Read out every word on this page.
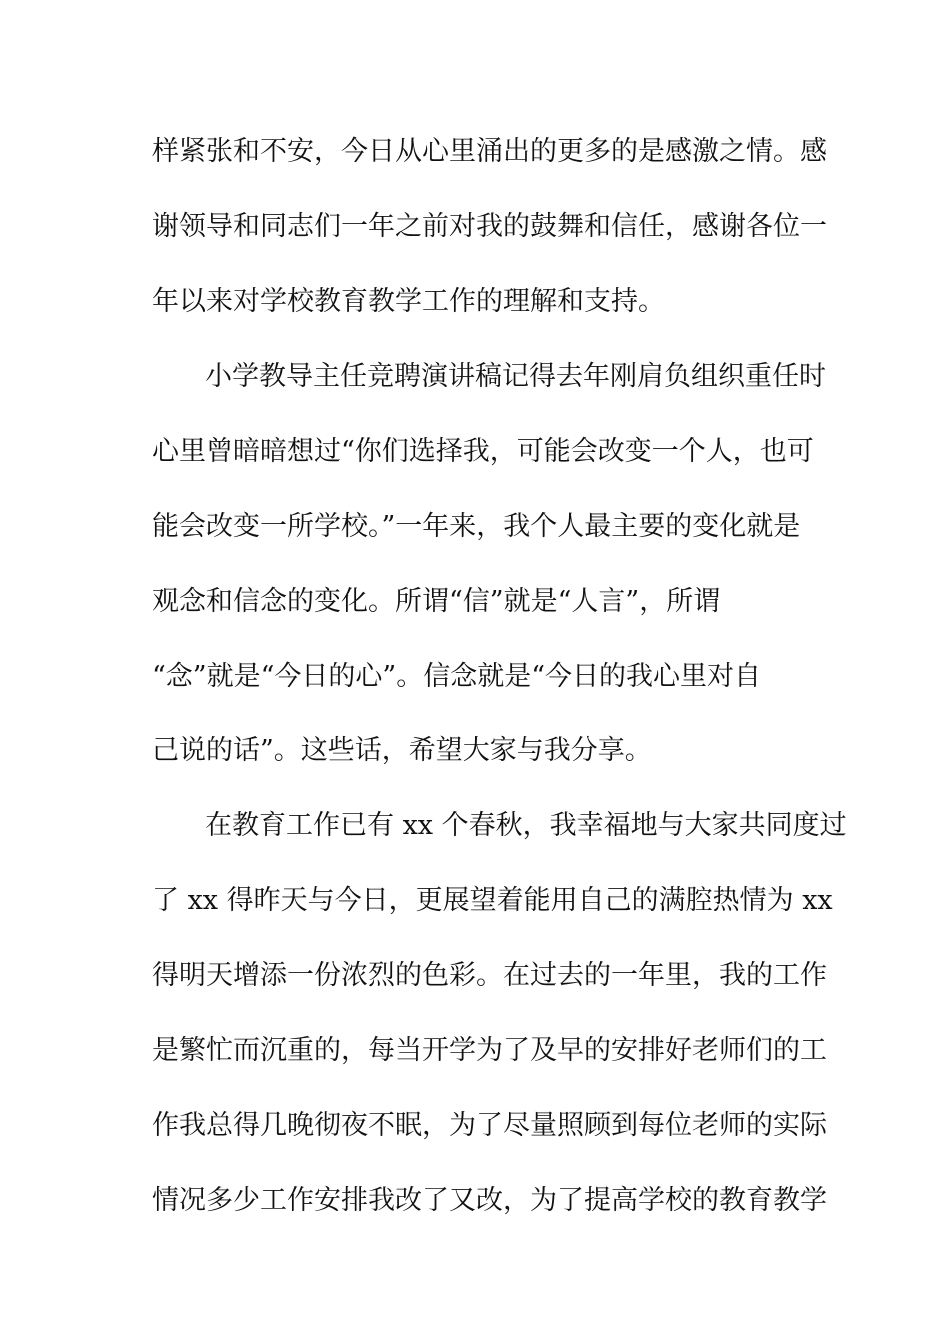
样紧张和不安，今日从心里涌出的更多的是感激之情。感
谢领导和同志们一年之前对我的鼓舞和信任，感谢各位一
年以来对学校教育教学工作的理解和支持。
小学教导主任竞聘演讲稿记得去年刚肩负组织重任时
心里曾暗暗想过“你们选择我，可能会改变一个人，也可
能会改变一所学校。”一年来，我个人最主要的变化就是
观念和信念的变化。所谓“信”就是“人言”，所谓
“念”就是“今日的心”。信念就是“今日的我心里对自
己说的话”。这些话，希望大家与我分享。
在教育工作已有 xx 个春秋，我幸福地与大家共同度过
了 xx 得昨天与今日，更展望着能用自己的满腔热情为 xx
得明天增添一份浓烈的色彩。在过去的一年里，我的工作
是繁忙而沉重的，每当开学为了及早的安排好老师们的工
作我总得几晚彻夜不眠，为了尽量照顾到每位老师的实际
情况多少工作安排我改了又改，为了提高学校的教育教学
